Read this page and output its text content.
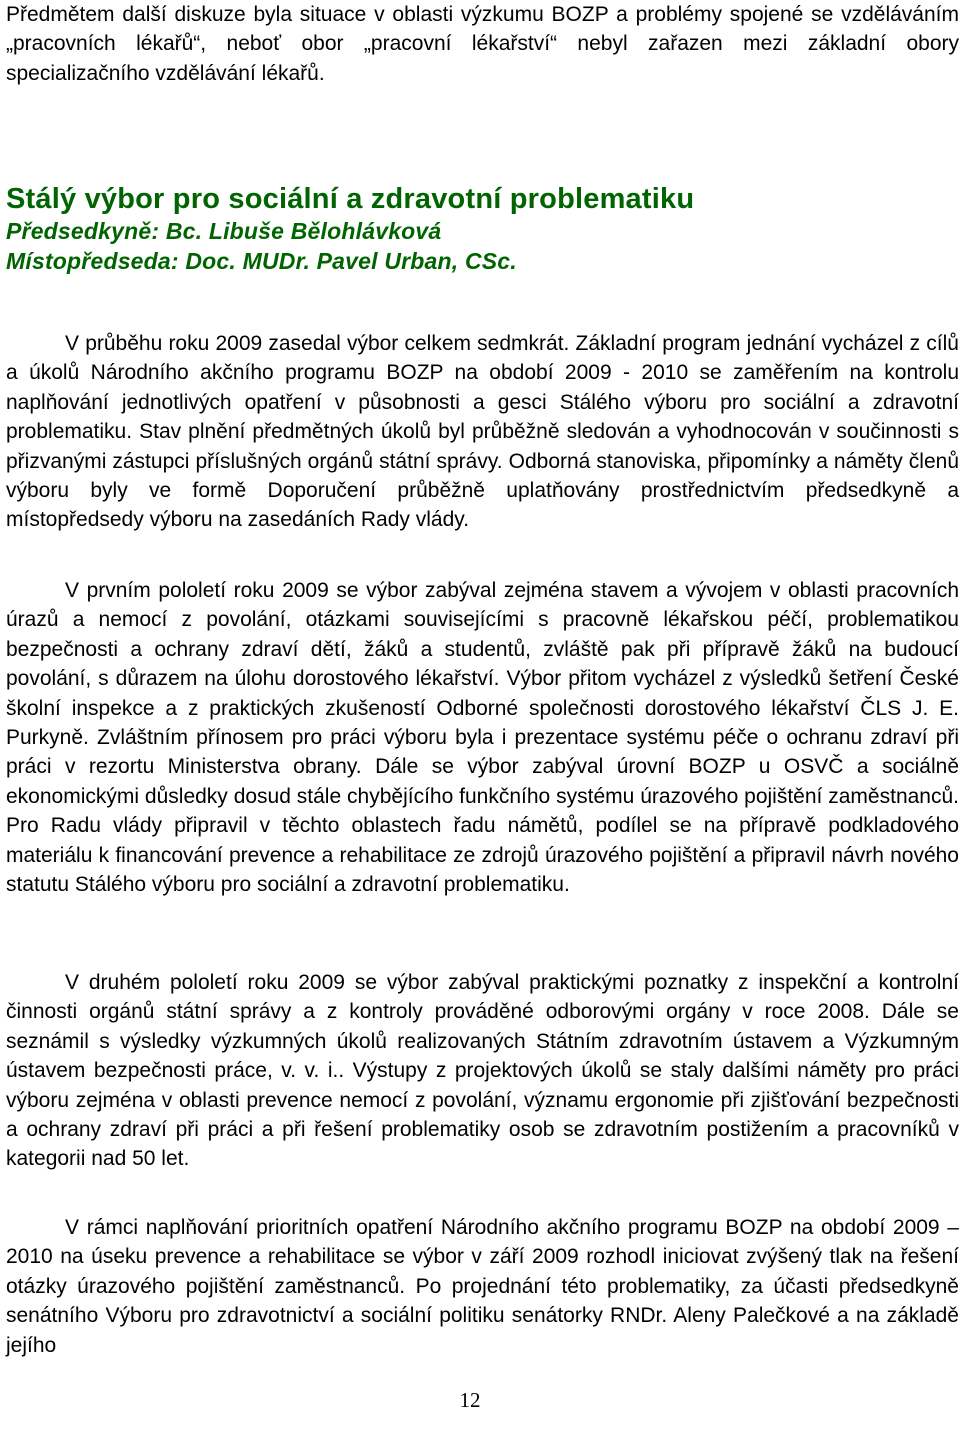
Předmětem další diskuze byla situace v oblasti výzkumu BOZP a problémy spojené se vzděláváním „pracovních lékařů“, neboť obor „pracovní lékařství“ nebyl zařazen mezi základní obory specializačního vzdělávání lékařů.

Stálý výbor pro sociální a zdravotní problematiku
Předsedkyně: Bc. Libuše Bělohlávková
Místopředseda: Doc. MUDr. Pavel Urban, CSc.

V průběhu roku 2009 zasedal výbor celkem sedmkrát. Základní program jednání vycházel z cílů a úkolů Národního akčního programu BOZP na období 2009 - 2010 se zaměřením na kontrolu naplňování jednotlivých opatření v působnosti a gesci Stálého výboru pro sociální a zdravotní problematiku. Stav plnění předmětných úkolů byl průběžně sledován a vyhodnocován v součinnosti s přizvanými zástupci příslušných orgánů státní správy. Odborná stanoviska, připomínky a náměty členů výboru byly ve formě Doporučení průběžně uplatňovány prostřednictvím předsedkyně a místopředsedy výboru na zasedáních Rady vlády.

V prvním pololetí roku 2009 se výbor zabýval zejména stavem a vývojem v oblasti pracovních úrazů a nemocí z povolání, otázkami souvisejícími s pracovně lékařskou péčí, problematikou bezpečnosti a ochrany zdraví dětí, žáků a studentů, zvláště pak při přípravě žáků na budoucí povolání, s důrazem na úlohu dorostového lékařství. Výbor přitom vycházel z výsledků šetření České školní inspekce a z praktických zkušeností Odborné společnosti dorostového lékařství ČLS J. E. Purkyně. Zvláštním přínosem pro práci výboru byla i prezentace systému péče o ochranu zdraví při práci v rezortu Ministerstva obrany. Dále se výbor zabýval úrovní BOZP u OSVČ a sociálně ekonomickými důsledky dosud stále chybějícího funkčního systému úrazového pojištění zaměstnanců. Pro Radu vlády připravil v těchto oblastech řadu námětů, podílel se na přípravě podkladového materiálu k financování prevence a rehabilitace ze zdrojů úrazového pojištění a připravil návrh nového statutu Stálého výboru pro sociální a zdravotní problematiku.

V druhém pololetí roku 2009 se výbor zabýval praktickými poznatky z inspekční a kontrolní činnosti orgánů státní správy a z kontroly prováděné odborovými orgány v roce 2008. Dále se seznámil s výsledky výzkumných úkolů realizovaných Státním zdravotním ústavem a Výzkumným ústavem bezpečnosti práce, v. v. i.. Výstupy z projektových úkolů se staly dalšími náměty pro práci výboru zejména v oblasti prevence nemocí z povolání, významu ergonomie při zjišťování bezpečnosti a ochrany zdraví při práci a při řešení problematiky osob se zdravotním postižením a pracovníků v kategorii nad 50 let.

V rámci naplňování prioritních opatření Národního akčního programu BOZP na období 2009 – 2010 na úseku prevence a rehabilitace se výbor v září 2009 rozhodl iniciovat zvýšený tlak na řešení otázky úrazového pojištění zaměstnanců. Po projednání této problematiky, za účasti předsedkyně senátního Výboru pro zdravotnictví a sociální politiku senátorky RNDr. Aleny Palečkové a na základě jejího

12
